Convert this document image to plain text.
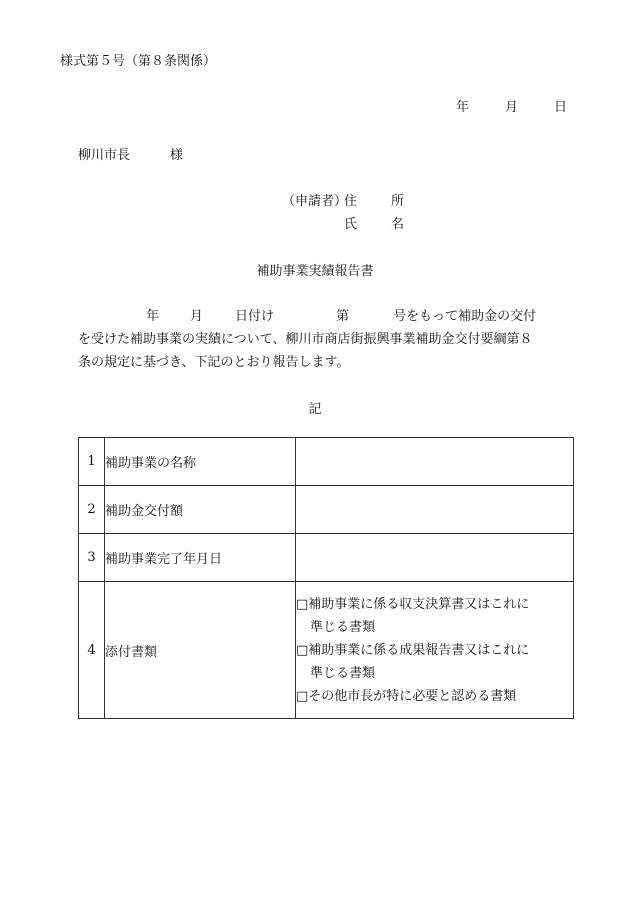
様式第５号（第８条関係）
年	月	日
柳川市長	様
（申請者）
住	所
氏	名
補助事業実績報告書
年 月 日付け	第	号をもって補助金の交付
を受けた補助事業の実績について、柳川市商店街振興事業補助金交付要綱第８
条の規定に基づき、下記のとおり報告します。
記
1	補助事業の名称	
2	補助金交付額	
3	補助事業完了年月日	
4	添付書類	□補助事業に係る収支決算書又はこれに
準じる書類
□補助事業に係る成果報告書又はこれに
準じる書類
□その他市長が特に必要と認める書類
